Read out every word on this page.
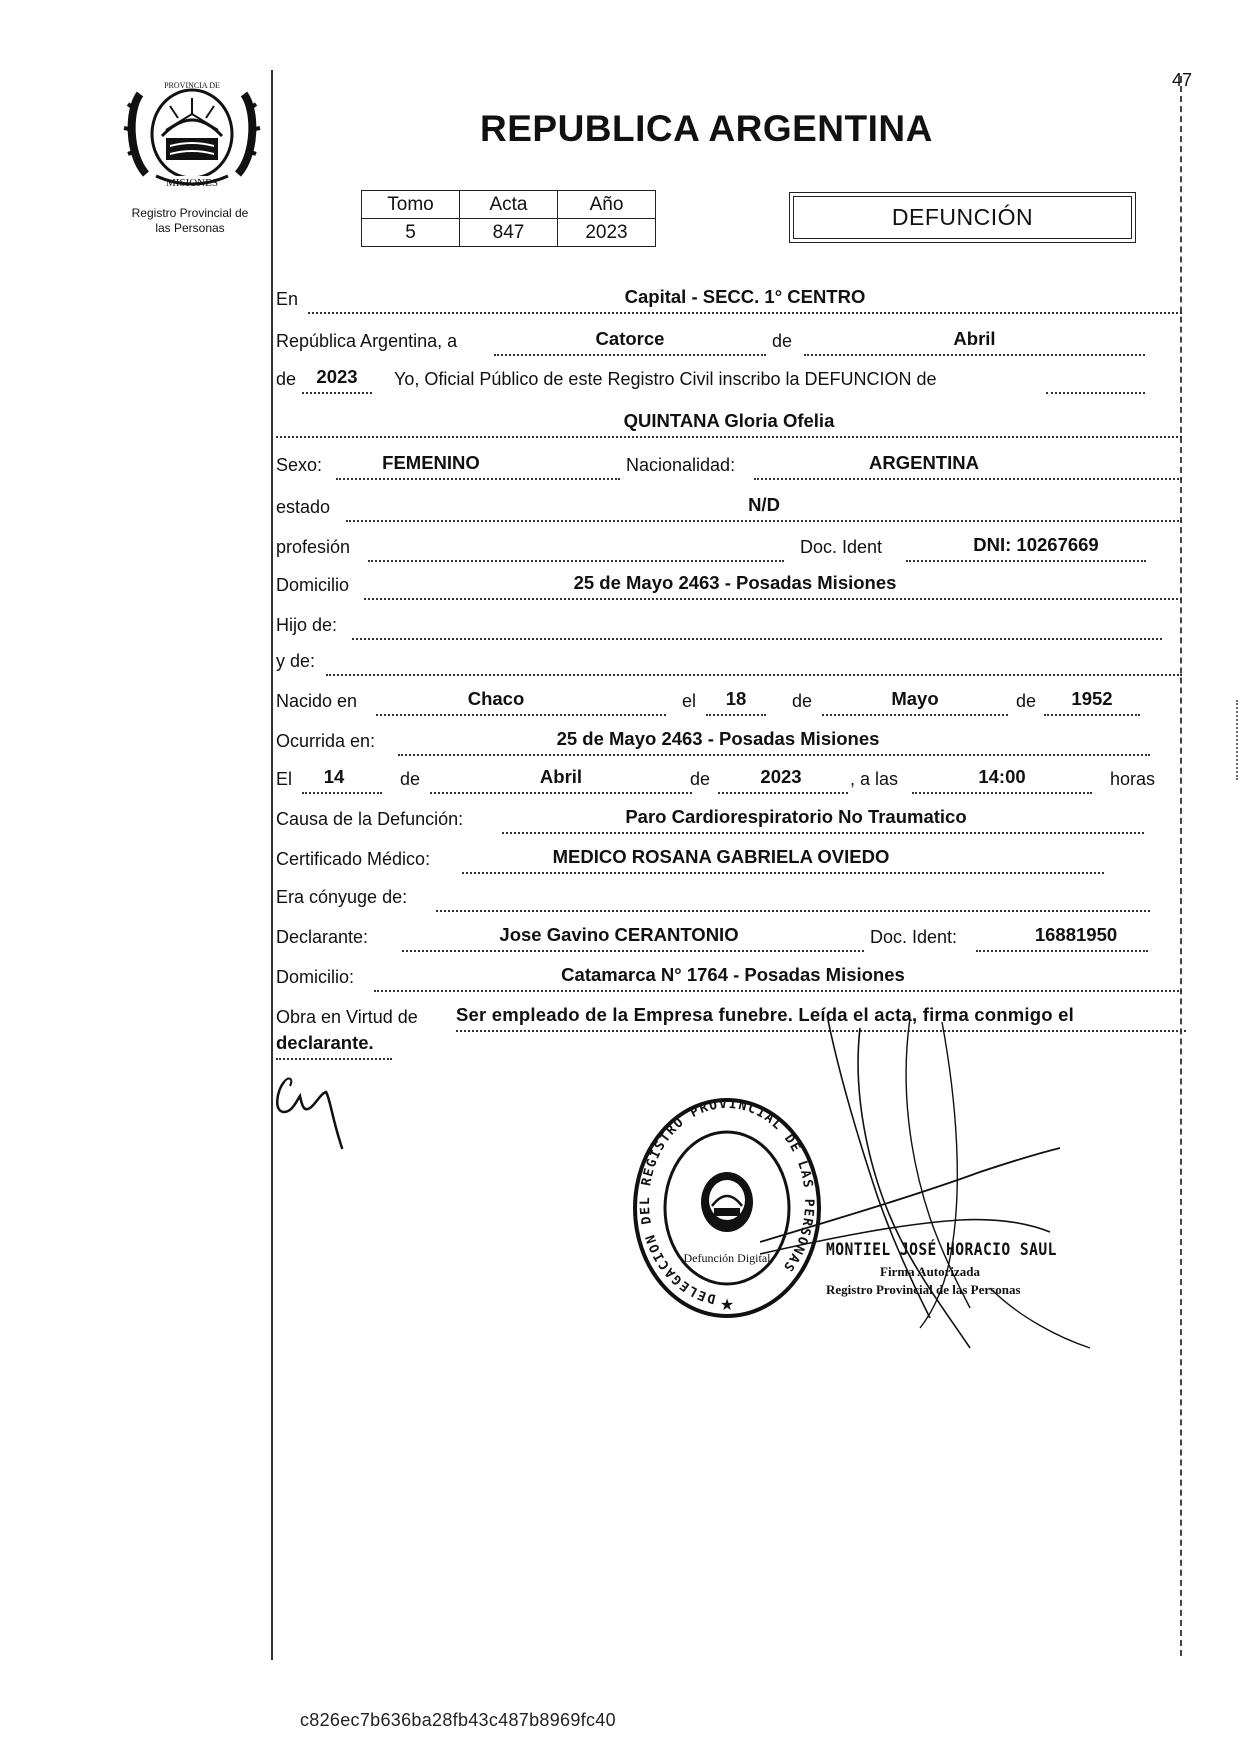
47
REPUBLICA ARGENTINA
MISIONES
PROVINCIA DE
Registro Provincial de
las Personas
Tomo	Acta	Año
5	847	2023
DEFUNCIÓN
En	Capital - SECC. 1° CENTRO
República Argentina, a	Catorce	de	Abril
de	2023	Yo, Oficial Público de este Registro Civil inscribo la DEFUNCION de
QUINTANA Gloria Ofelia
Sexo:	FEMENINO	Nacionalidad:	ARGENTINA
estado	N/D
profesión	Doc. Ident	DNI: 10267669
Domicilio	25 de Mayo 2463 - Posadas Misiones
Hijo de:
y de:
Nacido en	Chaco	el	18	de	Mayo	de	1952
Ocurrida en:	25 de Mayo 2463 - Posadas Misiones
El	14	de	Abril	de	2023	, a las	14:00	horas
Causa de la Defunción:	Paro Cardiorespiratorio No Traumatico
Certificado Médico:	MEDICO ROSANA GABRIELA OVIEDO
Era cónyuge de:
Declarante:	Jose Gavino CERANTONIO	Doc. Ident:	16881950
Domicilio:	Catamarca N° 1764 - Posadas Misiones
Obra en Virtud de Ser empleado de la Empresa funebre. Leída el acta, firma conmigo el
declarante.
DELEGACION DEL REGISTRO PROVINCIAL DE LAS PERSONAS
Defunción Digital
★
MONTIEL JOSÉ HORACIO SAUL
Firma Autorizada
Registro Provincial de las Personas
c826ec7b636ba28fb43c487b8969fc40
